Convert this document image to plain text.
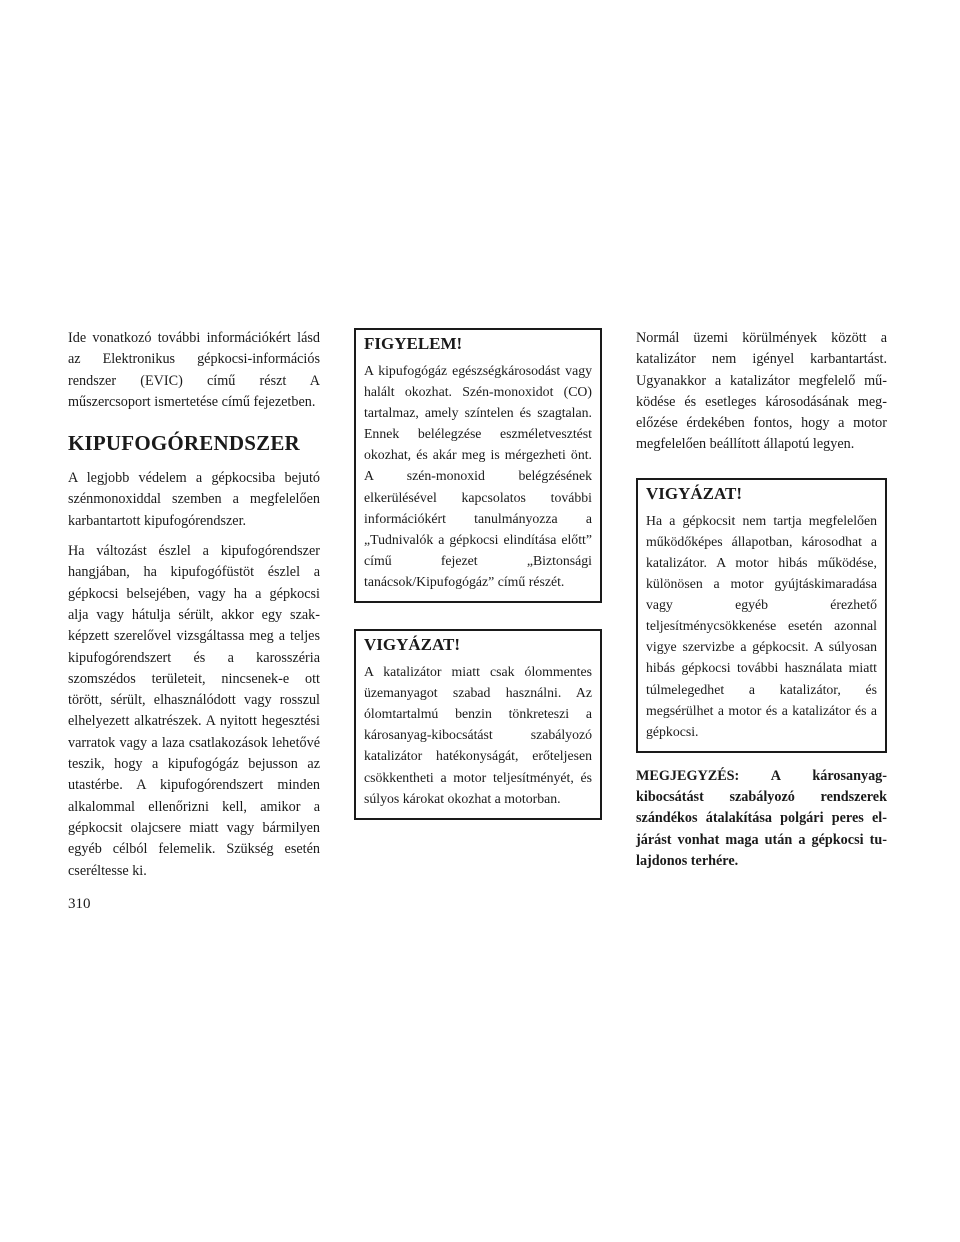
Ide vonatkozó további információkért lásd az Elektronikus gépkocsi-információs rendszer (EVIC) című részt A műszercsoport ismertetése című fejezetben.

KIPUFOGÓRENDSZER

A legjobb védelem a gépkocsiba bejutó szénmonoxiddal szemben a megfelelően karbantartott kipufogórendszer.

Ha változást észlel a kipufogórendszer hangjában, ha kipufogófüstöt észlel a gépkocsi belsejében, vagy ha a gépkocsi alja vagy hátulja sérült, akkor egy szakképzett szerelővel vizsgáltassa meg a teljes kipufogórendszert és a karosszéria szomszédos területeit, nincsenek-e ott törött, sérült, elhasználódott vagy rosszul elhelyezett alkatrészek. A nyitott hegesztési varratok vagy a laza csatlakozások lehetővé teszik, hogy a kipufogógáz bejusson az utastérbe. A kipufogórendszert minden alkalommal ellenőrizni kell, amikor a gépkocsit olajcsere miatt vagy bármilyen egyéb célból felemelik. Szükség esetén cseréltesse ki.

FIGYELEM!

A kipufogógáz egészségkárosodást vagy halált okozhat. Szén-monoxidot (CO) tartalmaz, amely színtelen és szagtalan. Ennek belélegzése eszméletvesztést okozhat, és akár meg is mérgezheti önt. A szén-monoxid belégzésének elkerülésével kapcsolatos további információkért tanulmányozza a „Tudnivalók a gépkocsi elindítása előtt” című fejezet „Biztonsági tanácsok/Kipufogógáz” című részét.

VIGYÁZAT!

A katalizátor miatt csak ólommentes üzemanyagot szabad használni. Az ólomtartalmú benzin tönkreteszi a károsanyag-kibocsátást szabályozó katalizátor hatékonyságát, erőteljesen csökkentheti a motor teljesítményét, és súlyos károkat okozhat a motorban.

Normál üzemi körülmények között a katalizátor nem igényel karbantartást. Ugyanakkor a katalizátor megfelelő működése és esetleges károsodásának megelőzése érdekében fontos, hogy a motor megfelelően beállított állapotú legyen.

VIGYÁZAT!

Ha a gépkocsit nem tartja megfelelően működőképes állapotban, károsodhat a katalizátor. A motor hibás működése, különösen a motor gyújtáskimaradása vagy egyéb érezhető teljesítménycsökkenése esetén azonnal vigye szervizbe a gépkocsit. A súlyosan hibás gépkocsi további használata miatt túlmelegedhet a katalizátor, és megsérülhet a motor és a katalizátor és a gépkocsi.

MEGJEGYZÉS: A károsanyag-kibocsátást szabályozó rendszerek szándékos átalakítása polgári peres eljárást vonhat maga után a gépkocsi tulajdonos terhére.

310
